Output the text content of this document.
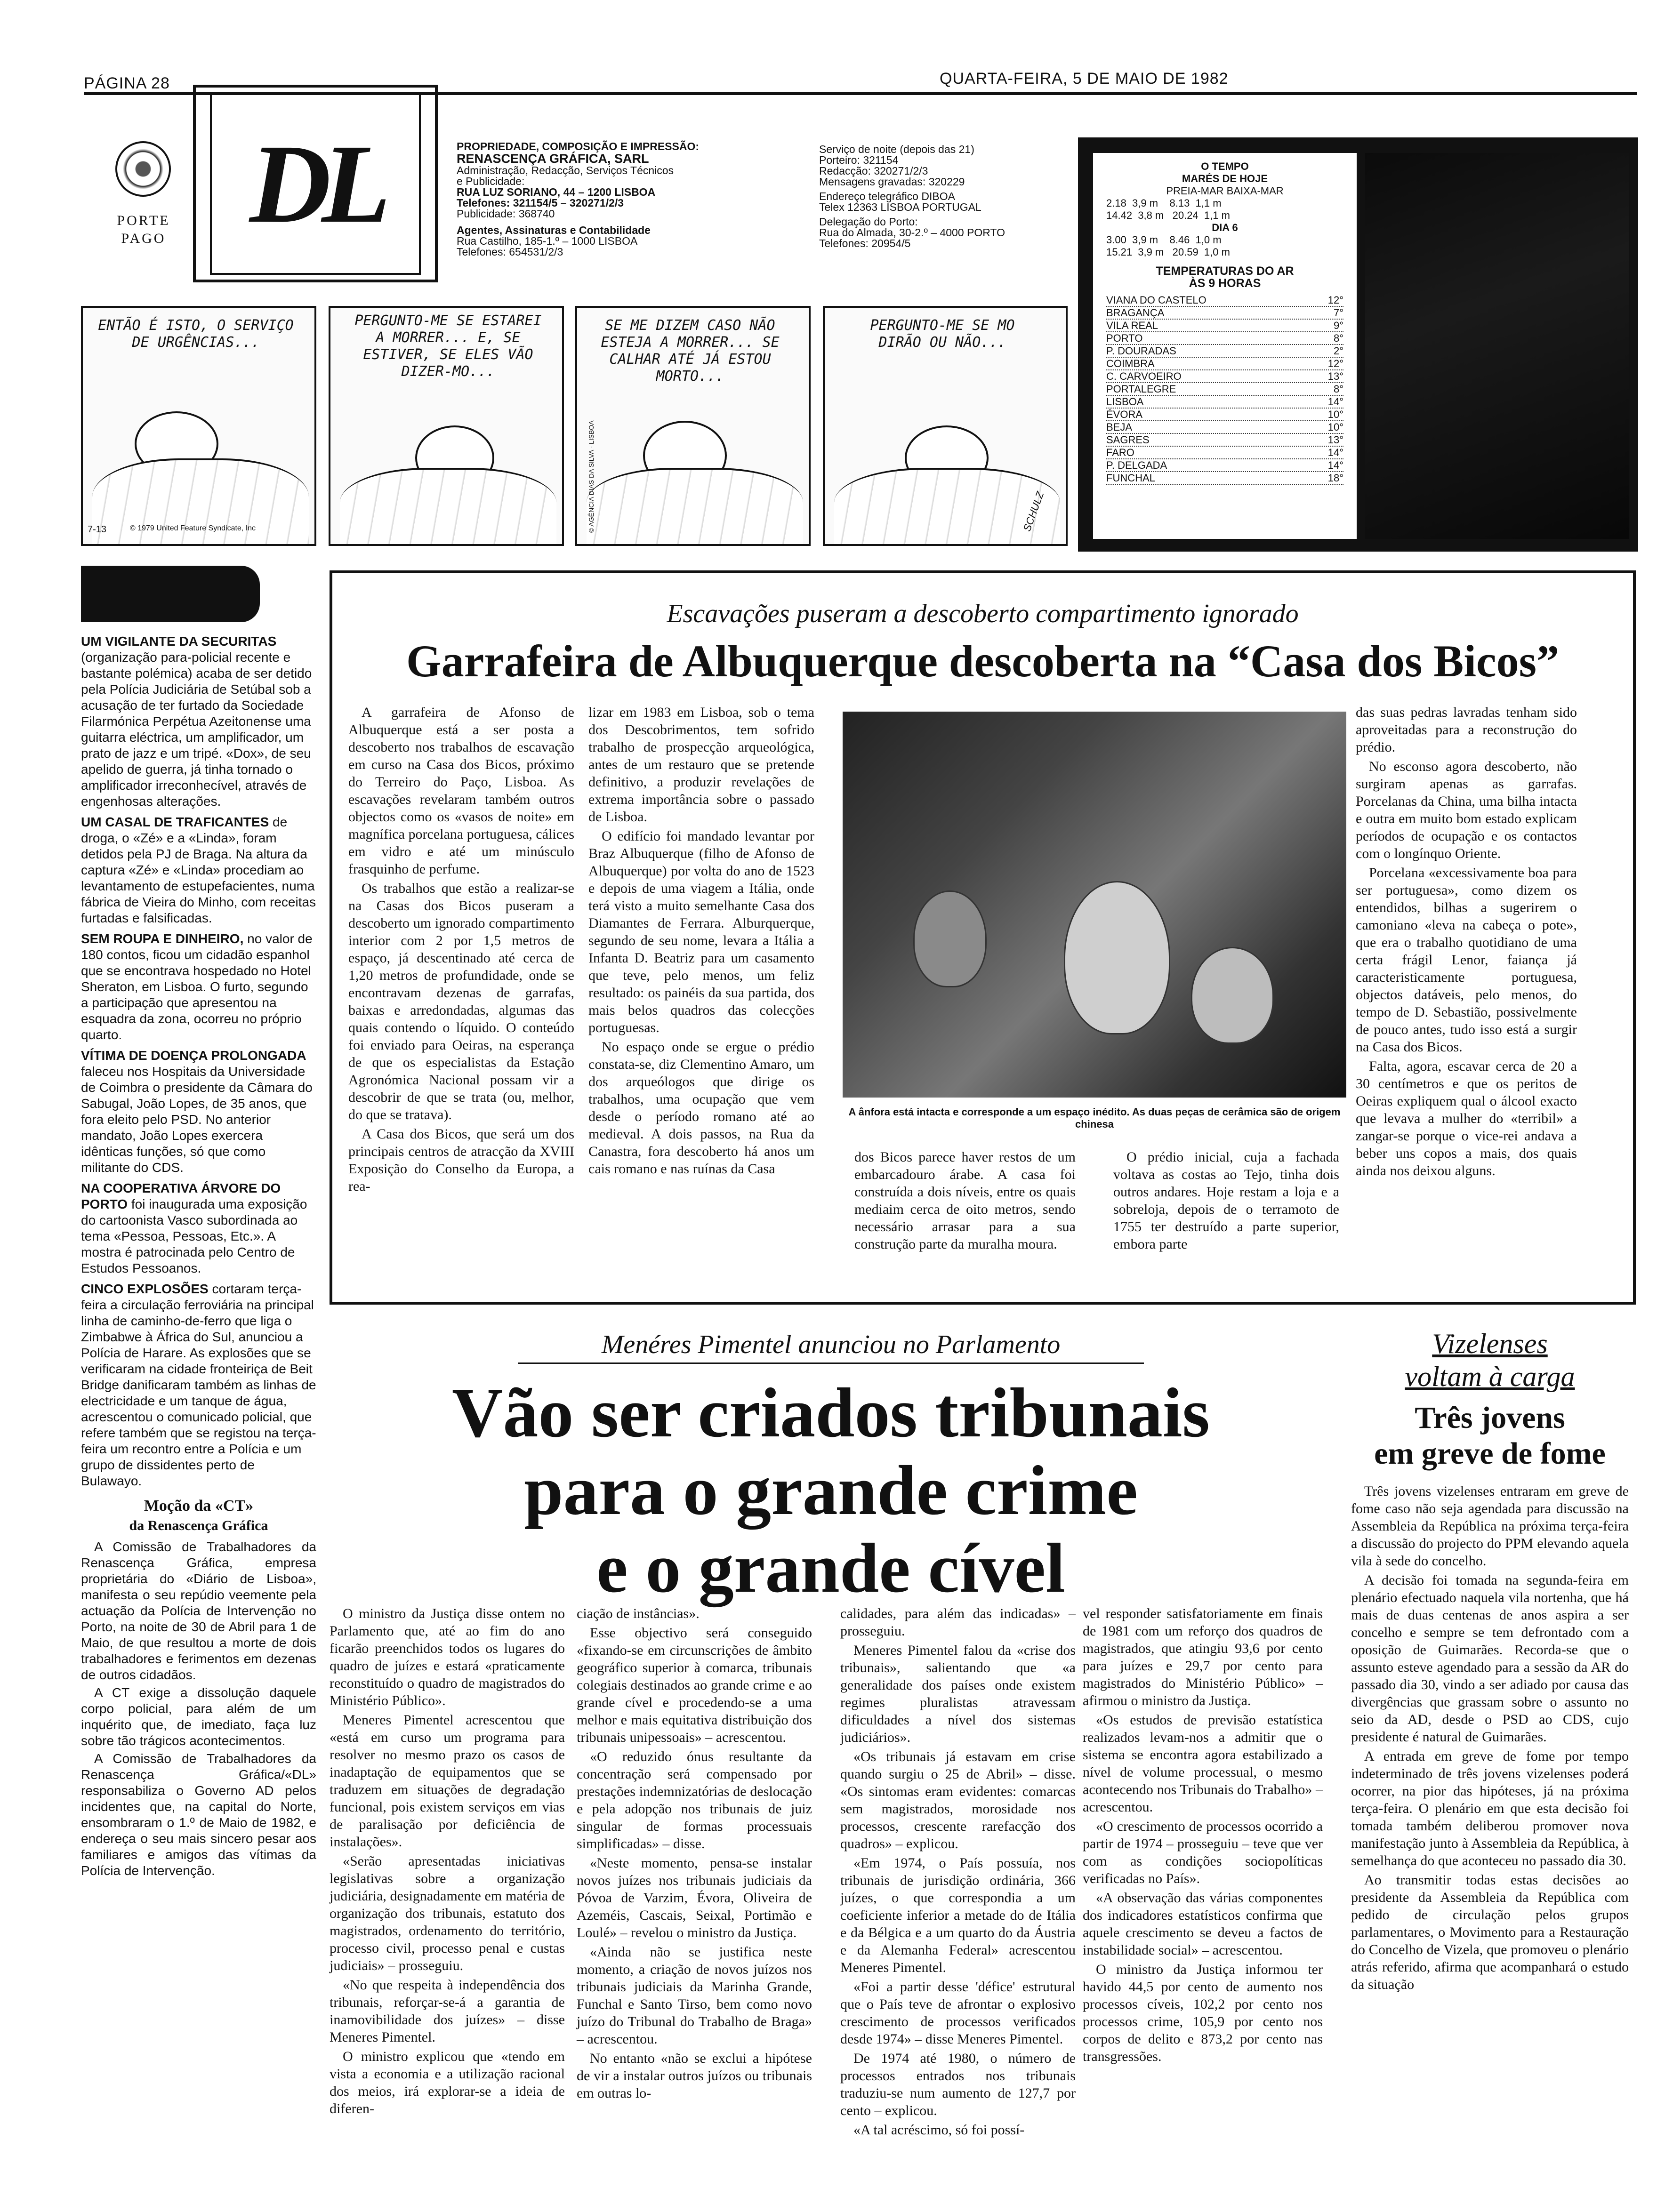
PÁGINA 28	QUARTA-FEIRA, 5 DE MAIO DE 1982
PORTE PAGO DL	PROPRIEDADE, COMPOSIÇÃO E IMPRESSÃO:
RENASCENÇA GRÁFICA, SARL
Administração, Redacção, Serviços Técnicos
e Publicidade:
RUA LUZ SORIANO, 44 – 1200 LISBOA
Telefones: 321154/5 – 320271/2/3
Publicidade: 368740
Agentes, Assinaturas e Contabilidade
Rua Castilho, 185-1.º – 1000 LISBOA
Telefones: 654531/2/3
Serviço de noite (depois das 21)
Porteiro: 321154
Redacção: 320271/2/3
Mensagens gravadas: 320229
Endereço telegráfico DIBOA
Telex 12363 LISBOA PORTUGAL
Delegação do Porto:
Rua do Almada, 30-2.º – 4000 PORTO
Telefones: 20954/5
O TEMPO
MARÉS DE HOJE
PREIA-MAR BAIXA-MAR
2.18  3,9 m    8.13  1,1 m
14.42  3,8 m   20.24  1,1 m
DIA 6
3.00  3,9 m    8.46  1,0 m
15.21  3,9 m   20.59  1,0 m
TEMPERATURAS DO AR
ÀS 9 HORAS
VIANA DO CASTELO	12°
BRAGANÇA	7°
VILA REAL	9°
PORTO	8°
P. DOURADAS	2°
COIMBRA	12°
C. CARVOEIRO	13°
PORTALEGRE	8°
LISBOA	14°
ÉVORA	10°
BEJA	10°
SAGRES	13°
FARO	14°
P. DELGADA	14°
FUNCHAL	18°
ENTÃO É ISTO, O SERVIÇO DE URGÊNCIAS...
7-13	© 1979 United Feature Syndicate, Inc
PERGUNTO-ME SE ESTAREI A MORRER... E, SE ESTIVER, SE ELES VÃO DIZER-MO...
SE ME DIZEM CASO NÃO ESTEJA A MORRER... SE CALHAR ATÉ JÁ ESTOU MORTO...
© AGÊNCIA DIAS DA SILVA - LISBOA
PERGUNTO-ME SE MO DIRÃO OU NÃO...
SCHULZ
UM VIGILANTE DA SECURITAS (organização para-policial recente e bastante polémica) acaba de ser detido pela Polícia Judiciária de Setúbal sob a acusação de ter furtado da Sociedade Filarmónica Perpétua Azeitonense uma guitarra eléctrica, um amplificador, um prato de jazz e um tripé. «Dox», de seu apelido de guerra, já tinha tornado o amplificador irreconhecível, através de engenhosas alterações.
UM CASAL DE TRAFICANTES de droga, o «Zé» e a «Linda», foram detidos pela PJ de Braga. Na altura da captura «Zé» e «Linda» procediam ao levantamento de estupefacientes, numa fábrica de Vieira do Minho, com receitas furtadas e falsificadas.
SEM ROUPA E DINHEIRO, no valor de 180 contos, ficou um cidadão espanhol que se encontrava hospedado no Hotel Sheraton, em Lisboa. O furto, segundo a participação que apresentou na esquadra da zona, ocorreu no próprio quarto.
VÍTIMA DE DOENÇA PROLONGADA faleceu nos Hospitais da Universidade de Coimbra o presidente da Câmara do Sabugal, João Lopes, de 35 anos, que fora eleito pelo PSD. No anterior mandato, João Lopes exercera idênticas funções, só que como militante do CDS.
NA COOPERATIVA ÁRVORE DO PORTO foi inaugurada uma exposição do cartoonista Vasco subordinada ao tema «Pessoa, Pessoas, Etc.». A mostra é patrocinada pelo Centro de Estudos Pessoanos.
CINCO EXPLOSÕES cortaram terça-feira a circulação ferroviária na principal linha de caminho-de-ferro que liga o Zimbabwe à África do Sul, anunciou a Polícia de Harare. As explosões que se verificaram na cidade fronteiriça de Beit Bridge danificaram também as linhas de electricidade e um tanque de água, acrescentou o comunicado policial, que refere também que se registou na terça-feira um recontro entre a Polícia e um grupo de dissidentes perto de Bulawayo.
Moção da «CT»
da Renascença Gráfica

A Comissão de Trabalhadores da Renascença Gráfica, empresa proprietária do «Diário de Lisboa», manifesta o seu repúdio veemente pela actuação da Polícia de Intervenção no Porto, na noite de 30 de Abril para 1 de Maio, de que resultou a morte de dois trabalhadores e ferimentos em dezenas de outros cidadãos.

A CT exige a dissolução daquele corpo policial, para além de um inquérito que, de imediato, faça luz sobre tão trágicos acontecimentos.

A Comissão de Trabalhadores da Renascença Gráfica/«DL» responsabiliza o Governo AD pelos incidentes que, na capital do Norte, ensombraram o 1.º de Maio de 1982, e endereça o seu mais sincero pesar aos familiares e amigos das vítimas da Polícia de Intervenção.

Escavações puseram a descoberto compartimento ignorado
Garrafeira de Albuquerque descoberta na “Casa dos Bicos”

A garrafeira de Afonso de Albuquerque está a ser posta a descoberto nos trabalhos de escavação em curso na Casa dos Bicos, próximo do Terreiro do Paço, Lisboa. As escavações revelaram também outros objectos como os «vasos de noite» em magnífica porcelana portuguesa, cálices em vidro e até um minúsculo frasquinho de perfume.

Os trabalhos que estão a realizar-se na Casas dos Bicos puseram a descoberto um ignorado compartimento interior com 2 por 1,5 metros de espaço, já descentinado até cerca de 1,20 metros de profundidade, onde se encontravam dezenas de garrafas, baixas e arredondadas, algumas das quais contendo o líquido. O conteúdo foi enviado para Oeiras, na esperança de que os especialistas da Estação Agronómica Nacional possam vir a descobrir de que se trata (ou, melhor, do que se tratava).

A Casa dos Bicos, que será um dos principais centros de atracção da XVIII Exposição do Conselho da Europa, a rea-

lizar em 1983 em Lisboa, sob o tema dos Descobrimentos, tem sofrido trabalho de prospecção arqueológica, antes de um restauro que se pretende definitivo, a produzir revelações de extrema importância sobre o passado de Lisboa.

O edifício foi mandado levantar por Braz Albuquerque (filho de Afonso de Albuquerque) por volta do ano de 1523 e depois de uma viagem a Itália, onde terá visto a muito semelhante Casa dos Diamantes de Ferrara. Alburquerque, segundo de seu nome, levara a Itália a Infanta D. Beatriz para um casamento que teve, pelo menos, um feliz resultado: os painéis da sua partida, dos mais belos quadros das colecções portuguesas.

No espaço onde se ergue o prédio constata-se, diz Clementino Amaro, um dos arqueólogos que dirige os trabalhos, uma ocupação que vem desde o período romano até ao medieval. A dois passos, na Rua da Canastra, fora descoberto há anos um cais romano e nas ruínas da Casa

A ânfora está intacta e corresponde a um espaço inédito. As duas peças de cerâmica são de origem chinesa

dos Bicos parece haver restos de um embarcadouro árabe. A casa foi construída a dois níveis, entre os quais mediaim cerca de oito metros, sendo necessário arrasar para a sua construção parte da muralha moura.

O prédio inicial, cuja a fachada voltava as costas ao Tejo, tinha dois outros andares. Hoje restam a loja e a sobreloja, depois de o terramoto de 1755 ter destruído a parte superior, embora parte

das suas pedras lavradas tenham sido aproveitadas para a reconstrução do prédio.

No esconso agora descoberto, não surgiram apenas as garrafas. Porcelanas da China, uma bilha intacta e outra em muito bom estado explicam períodos de ocupação e os contactos com o longínquo Oriente.

Porcelana «excessivamente boa para ser portuguesa», como dizem os entendidos, bilhas a sugerirem o camoniano «leva na cabeça o pote», que era o trabalho quotidiano de uma certa frágil Lenor, faiança já caracteristicamente portuguesa, objectos datáveis, pelo menos, do tempo de D. Sebastião, possivelmente de pouco antes, tudo isso está a surgir na Casa dos Bicos.

Falta, agora, escavar cerca de 20 a 30 centímetros e que os peritos de Oeiras expliquem qual o álcool exacto que levava a mulher do «terribil» a zangar-se porque o vice-rei andava a beber uns copos a mais, dos quais ainda nos deixou alguns.

Menéres Pimentel anunciou no Parlamento
Vão ser criados tribunais
para o grande crime
e o grande cível

O ministro da Justiça disse ontem no Parlamento que, até ao fim do ano ficarão preenchidos todos os lugares do quadro de juízes e estará «praticamente reconstituído o quadro de magistrados do Ministério Público».

Meneres Pimentel acrescentou que «está em curso um programa para resolver no mesmo prazo os casos de inadaptação de equipamentos que se traduzem em situações de degradação funcional, pois existem serviços em vias de paralisação por deficiência de instalações».

«Serão apresentadas iniciativas legislativas sobre a organização judiciária, designadamente em matéria de organização dos tribunais, estatuto dos magistrados, ordenamento do território, processo civil, processo penal e custas judiciais» – prosseguiu.

«No que respeita à independência dos tribunais, reforçar-se-á a garantia de inamovibilidade dos juízes» – disse Meneres Pimentel.

O ministro explicou que «tendo em vista a economia e a utilização racional dos meios, irá explorar-se a ideia de diferen-

ciação de instâncias».

Esse objectivo será conseguido «fixando-se em circunscrições de âmbito geográfico superior à comarca, tribunais colegiais destinados ao grande crime e ao grande cível e procedendo-se a uma melhor e mais equitativa distribuição dos tribunais unipessoais» – acrescentou.

«O reduzido ónus resultante da concentração será compensado por prestações indemnizatórias de deslocação e pela adopção nos tribunais de juiz singular de formas processuais simplificadas» – disse.

«Neste momento, pensa-se instalar novos juízes nos tribunais judiciais da Póvoa de Varzim, Évora, Oliveira de Azeméis, Cascais, Seixal, Portimão e Loulé» – revelou o ministro da Justiça.

«Ainda não se justifica neste momento, a criação de novos juízos nos tribunais judiciais da Marinha Grande, Funchal e Santo Tirso, bem como novo juízo do Tribunal do Trabalho de Braga» – acrescentou.

No entanto «não se exclui a hipótese de vir a instalar outros juízos ou tribunais em outras lo-

calidades, para além das indicadas» – prosseguiu.

Meneres Pimentel falou da «crise dos tribunais», salientando que «a generalidade dos países onde existem regimes pluralistas atravessam dificuldades a nível dos sistemas judiciários».

«Os tribunais já estavam em crise quando surgiu o 25 de Abril» – disse. «Os sintomas eram evidentes: comarcas sem magistrados, morosidade nos processos, crescente rarefacção dos quadros» – explicou.

«Em 1974, o País possuía, nos tribunais de jurisdição ordinária, 366 juízes, o que correspondia a um coeficiente inferior a metade do de Itália e da Bélgica e a um quarto do da Áustria e da Alemanha Federal» acrescentou Meneres Pimentel.

«Foi a partir desse 'défice' estrutural que o País teve de afrontar o explosivo crescimento de processos verificados desde 1974» – disse Meneres Pimentel.

De 1974 até 1980, o número de processos entrados nos tribunais traduziu-se num aumento de 127,7 por cento – explicou.

«A tal acréscimo, só foi possí-

vel responder satisfatoriamente em finais de 1981 com um reforço dos quadros de magistrados, que atingiu 93,6 por cento para juízes e 29,7 por cento para magistrados do Ministério Público» – afirmou o ministro da Justiça.

«Os estudos de previsão estatística realizados levam-nos a admitir que o sistema se encontra agora estabilizado a nível de volume processual, o mesmo acontecendo nos Tribunais do Trabalho» – acrescentou.

«O crescimento de processos ocorrido a partir de 1974 – prosseguiu – teve que ver com as condições sociopolíticas verificadas no País».

«A observação das várias componentes dos indicadores estatísticos confirma que aquele crescimento se deveu a factos de instabilidade social» – acrescentou.

O ministro da Justiça informou ter havido 44,5 por cento de aumento nos processos cíveis, 102,2 por cento nos processos crime, 105,9 por cento nos corpos de delito e 873,2 por cento nas transgressões.

Vizelenses
voltam à carga
Três jovens
em greve de fome

Três jovens vizelenses entraram em greve de fome caso não seja agendada para discussão na Assembleia da República na próxima terça-feira a discussão do projecto do PPM elevando aquela vila à sede do concelho.

A decisão foi tomada na segunda-feira em plenário efectuado naquela vila nortenha, que há mais de duas centenas de anos aspira a ser concelho e sempre se tem defrontado com a oposição de Guimarães. Recorda-se que o assunto esteve agendado para a sessão da AR do passado dia 30, vindo a ser adiado por causa das divergências que grassam sobre o assunto no seio da AD, desde o PSD ao CDS, cujo presidente é natural de Guimarães.

A entrada em greve de fome por tempo indeterminado de três jovens vizelenses poderá ocorrer, na pior das hipóteses, já na próxima terça-feira. O plenário em que esta decisão foi tomada também deliberou promover nova manifestação junto à Assembleia da República, à semelhança do que aconteceu no passado dia 30.

Ao transmitir todas estas decisões ao presidente da Assembleia da República com pedido de circulação pelos grupos parlamentares, o Movimento para a Restauração do Concelho de Vizela, que promoveu o plenário atrás referido, afirma que acompanhará o estudo da situação
